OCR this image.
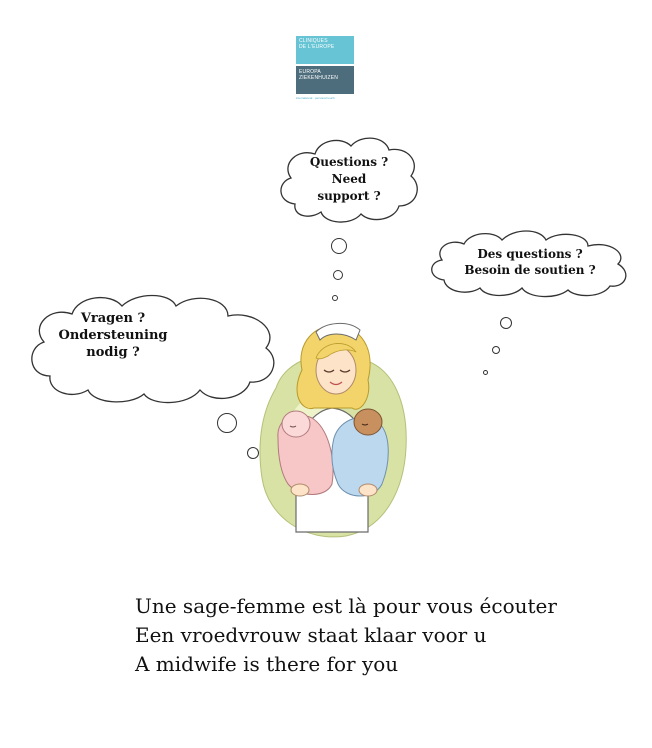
CLINIQUES
DE L'EUROPE
EUROPA
ZIEKENHUIZEN
international · personal touch
Questions ?
Need
support ?
Des questions ?
Besoin de soutien ?
Vragen ?
Ondersteuning
nodig ?
Une sage-femme est là pour vous écouter
Een vroedvrouw staat klaar voor u
A midwife is there for you
